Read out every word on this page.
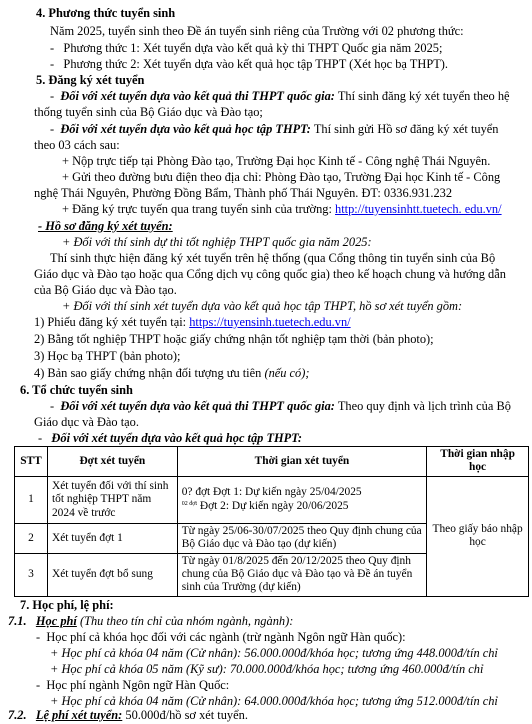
4. Phương thức tuyển sinh
Năm 2025, tuyển sinh theo Đề án tuyển sinh riêng của Trường với 02 phương thức:
-   Phương thức 1: Xét tuyển dựa vào kết quả kỳ thi THPT Quốc gia năm 2025;
-   Phương thức 2: Xét tuyển dựa vào kết quả học tập THPT (Xét học bạ THPT).
5. Đăng ký xét tuyển
-  Đối với xét tuyển dựa vào kết quả thi THPT quốc gia: Thí sinh đăng ký xét tuyển theo hệ
thống tuyển sinh của Bộ Giáo dục và Đào tạo;
-  Đối với xét tuyển dựa vào kết quả học tập THPT: Thí sinh gửi Hồ sơ đăng ký xét tuyển
theo 03 cách sau:
+ Nộp trực tiếp tại Phòng Đào tạo, Trường Đại học Kinh tế - Công nghệ Thái Nguyên.
+ Gửi theo đường bưu điện theo địa chỉ: Phòng Đào tạo, Trường Đại học Kinh tế - Công
nghệ Thái Nguyên, Phường Đồng Bẩm, Thành phố Thái Nguyên. ĐT: 0336.931.232
+ Đăng ký trực tuyến qua trang tuyển sinh của trường: http://tuyensinhtt.tuetech. edu.vn/
- Hồ sơ đăng ký xét tuyển:
+ Đối với thí sinh dự thi tốt nghiệp THPT quốc gia năm 2025:
Thí sinh thực hiện đăng ký xét tuyển trên hệ thống (qua Cổng thông tin tuyển sinh của Bộ
Giáo dục và Đào tạo hoặc qua Cổng dịch vụ công quốc gia) theo kế hoạch chung và hướng dẫn
của Bộ Giáo dục và Đào tạo.
+ Đối với thí sinh xét tuyển dựa vào kết quả học tập THPT, hồ sơ xét tuyển gồm:
1) Phiếu đăng ký xét tuyển tại: https://tuyensinh.tuetech.edu.vn/
2) Bằng tốt nghiệp THPT hoặc giấy chứng nhận tốt nghiệp tạm thời (bản photo);
3) Học bạ THPT (bản photo);
4) Bản sao giấy chứng nhận đối tượng ưu tiên (nếu có);
6. Tổ chức tuyển sinh
-  Đối với xét tuyển dựa vào kết quả thi THPT quốc gia: Theo quy định và lịch trình của Bộ
Giáo dục và Đào tạo.
-   Đối với xét tuyển dựa vào kết quả học tập THPT:
STT	Đợt xét tuyển	Thời gian xét tuyển	Thời gian nhập học
1	Xét tuyển đối với thí sinh tốt nghiệp THPT năm 2024 về trước	0? đợt Đợt 1: Dự kiến ngày 25/04/2025
$^{02 đợt}$ Đợt 2: Dự kiến ngày 20/06/2025	Theo giấy báo nhập học
2	Xét tuyển đợt 1	Từ ngày 25/06-30/07/2025 theo Quy định chung của Bộ Giáo dục và Đào tạo (dự kiến)	
3	Xét tuyển đợt bổ sung	Từ ngày 01/8/2025 đến 20/12/2025 theo Quy định chung của Bộ Giáo dục và Đào tạo và Đề án tuyển sinh của Trường (dự kiến)	
7. Học phí, lệ phí:
7.1. Học phí (Thu theo tín chỉ của nhóm ngành, ngành):
-  Học phí cả khóa học đối với các ngành (trừ ngành Ngôn ngữ Hàn quốc):
+ Học phí cả khóa 04 năm (Cử nhân): 56.000.000đ/khóa học; tương ứng 448.000đ/tín chỉ
+ Học phí cả khóa 05 năm (Kỹ sư): 70.000.000đ/khóa học; tương ứng 460.000đ/tín chỉ
-  Học phí ngành Ngôn ngữ Hàn Quốc:
+ Học phí cả khóa 04 năm (Cử nhân): 64.000.000đ/khóa học; tương ứng 512.000đ/tín chỉ
7.2. Lệ phí xét tuyển: 50.000đ/hồ sơ xét tuyển.
